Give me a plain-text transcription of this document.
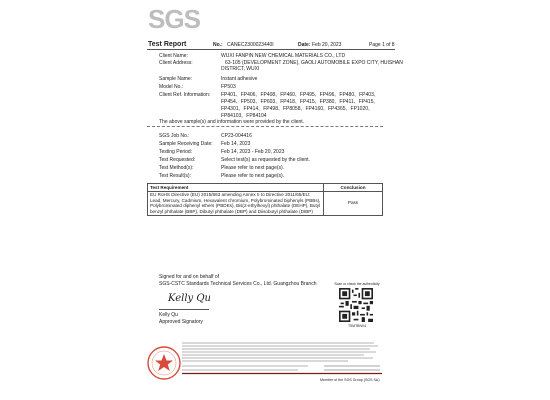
SGS
Test Report	No.: CANEC2300023440I	Date: Feb 20, 2023	Page 1 of 8
Client Name:	WUXI FANPIN NEW CHEMICAL MATERIALS CO., LTD
Client Address:	63-105 (DEVELOPMENT ZONE), GAOLI AUTOMOBILE EXPO CITY, HUISHAN
DISTRICT, WUXI
Sample Name:	Instant adhesive
Model No.:	FP503
Client Ref. Information: FP401、FP406、FP408、FP460、FP495、FP496、FP480、FP403、
FP454、FP503、FP603、FP418、FP415、FP380、FP411、FP415、
FP4301、FP414、FP498、FP8058、FP4160、FP4365、FP1020、
FP84103、FP84104
The above sample(s) and information were provided by the client.
SGS Job No.:	CP23-004416
Sample Receiving Date: Feb 14, 2023
Testing Period:	Feb 14, 2023 - Feb 20, 2023
Test Requested:	Select test(s) as requested by the client.
Test Method(s):	Please refer to next page(s).
Test Result(s):	Please refer to next page(s).
Test Requirement	Conclusion
EU RoHS Directive (EU) 2015/863 amending Annex II to Directive 2011/65/EU: Lead, Mercury, Cadmium, Hexavalent chromium, Polybrominated biphenyls (PBBs), Polybrominated diphenyl ethers (PBDEs), Bis(2-ethylhexyl) phthalate (DEHP), Butyl benzyl phthalate (BBP), Dibutyl phthalate (DBP) and Diisobutyl phthalate (DIBP)	Pass
Signed for and on behalf of
SGS-CSTC Standards Technical Services Co., Ltd. Guangzhou Branch
Kelly Qu
Kelly Qu
Approved Signatory
Scan or check the authenticity
TSMTBNX4
Member of the SGS Group (SGS SA)
